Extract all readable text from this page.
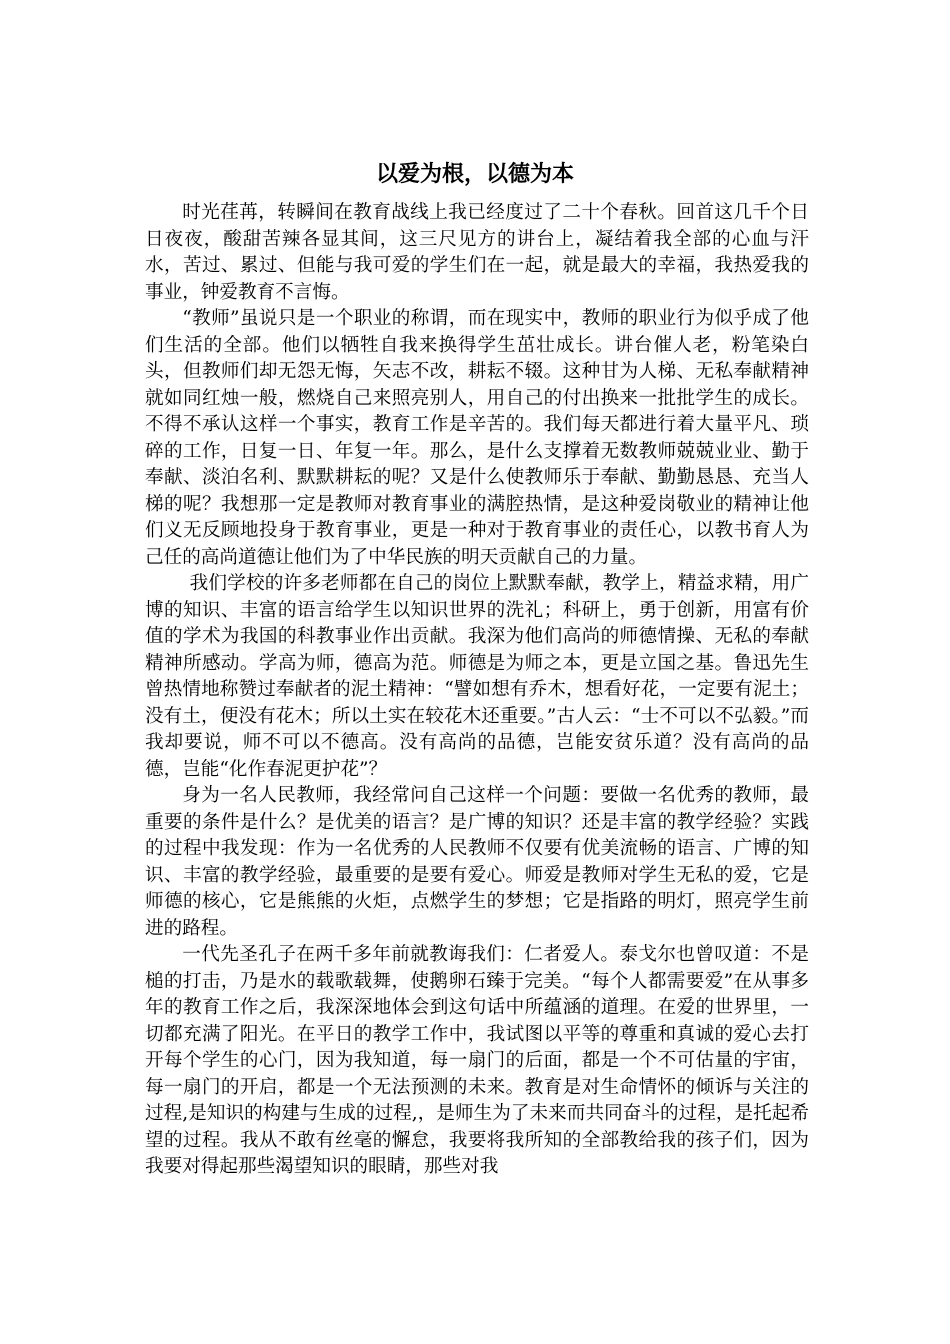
以爱为根，以德为本

时光荏苒，转瞬间在教育战线上我已经度过了二十个春秋。回首这几千个日日夜夜，酸甜苦辣各显其间，这三尺见方的讲台上，凝结着我全部的心血与汗水，苦过、累过、但能与我可爱的学生们在一起，就是最大的幸福，我热爱我的事业，钟爱教育不言悔。

“教师”虽说只是一个职业的称谓，而在现实中，教师的职业行为似乎成了他们生活的全部。他们以牺牲自我来换得学生茁壮成长。讲台催人老，粉笔染白头，但教师们却无怨无悔，矢志不改，耕耘不辍。这种甘为人梯、无私奉献精神就如同红烛一般，燃烧自己来照亮别人，用自己的付出换来一批批学生的成长。不得不承认这样一个事实，教育工作是辛苦的。我们每天都进行着大量平凡、琐碎的工作，日复一日、年复一年。那么，是什么支撑着无数教师兢兢业业、勤于奉献、淡泊名利、默默耕耘的呢？又是什么使教师乐于奉献、勤勤恳恳、充当人梯的呢？我想那一定是教师对教育事业的满腔热情，是这种爱岗敬业的精神让他们义无反顾地投身于教育事业，更是一种对于教育事业的责任心，以教书育人为己任的高尚道德让他们为了中华民族的明天贡献自己的力量。

我们学校的许多老师都在自己的岗位上默默奉献，教学上，精益求精，用广博的知识、丰富的语言给学生以知识世界的洗礼；科研上，勇于创新，用富有价值的学术为我国的科教事业作出贡献。我深为他们高尚的师德情操、无私的奉献精神所感动。学高为师，德高为范。师德是为师之本，更是立国之基。鲁迅先生曾热情地称赞过奉献者的泥土精神：“譬如想有乔木，想看好花，一定要有泥土；没有土，便没有花木；所以土实在较花木还重要。”古人云：“士不可以不弘毅。”而我却要说，师不可以不德高。没有高尚的品德，岂能安贫乐道？没有高尚的品德，岂能“化作春泥更护花”？

身为一名人民教师，我经常问自己这样一个问题：要做一名优秀的教师，最重要的条件是什么？是优美的语言？是广博的知识？还是丰富的教学经验？实践的过程中我发现：作为一名优秀的人民教师不仅要有优美流畅的语言、广博的知识、丰富的教学经验，最重要的是要有爱心。师爱是教师对学生无私的爱，它是师德的核心，它是熊熊的火炬，点燃学生的梦想；它是指路的明灯，照亮学生前进的路程。

一代先圣孔子在两千多年前就教诲我们：仁者爱人。泰戈尔也曾叹道：不是槌的打击，乃是水的载歌载舞，使鹅卵石臻于完美。“每个人都需要爱”在从事多年的教育工作之后，我深深地体会到这句话中所蕴涵的道理。在爱的世界里，一切都充满了阳光。在平日的教学工作中，我试图以平等的尊重和真诚的爱心去打开每个学生的心门，因为我知道，每一扇门的后面，都是一个不可估量的宇宙，每一扇门的开启，都是一个无法预测的未来。教育是对生命情怀的倾诉与关注的过程,是知识的构建与生成的过程,，是师生为了未来而共同奋斗的过程，是托起希望的过程。我从不敢有丝毫的懈怠，我要将我所知的全部教给我的孩子们，因为我要对得起那些渴望知识的眼睛，那些对我
